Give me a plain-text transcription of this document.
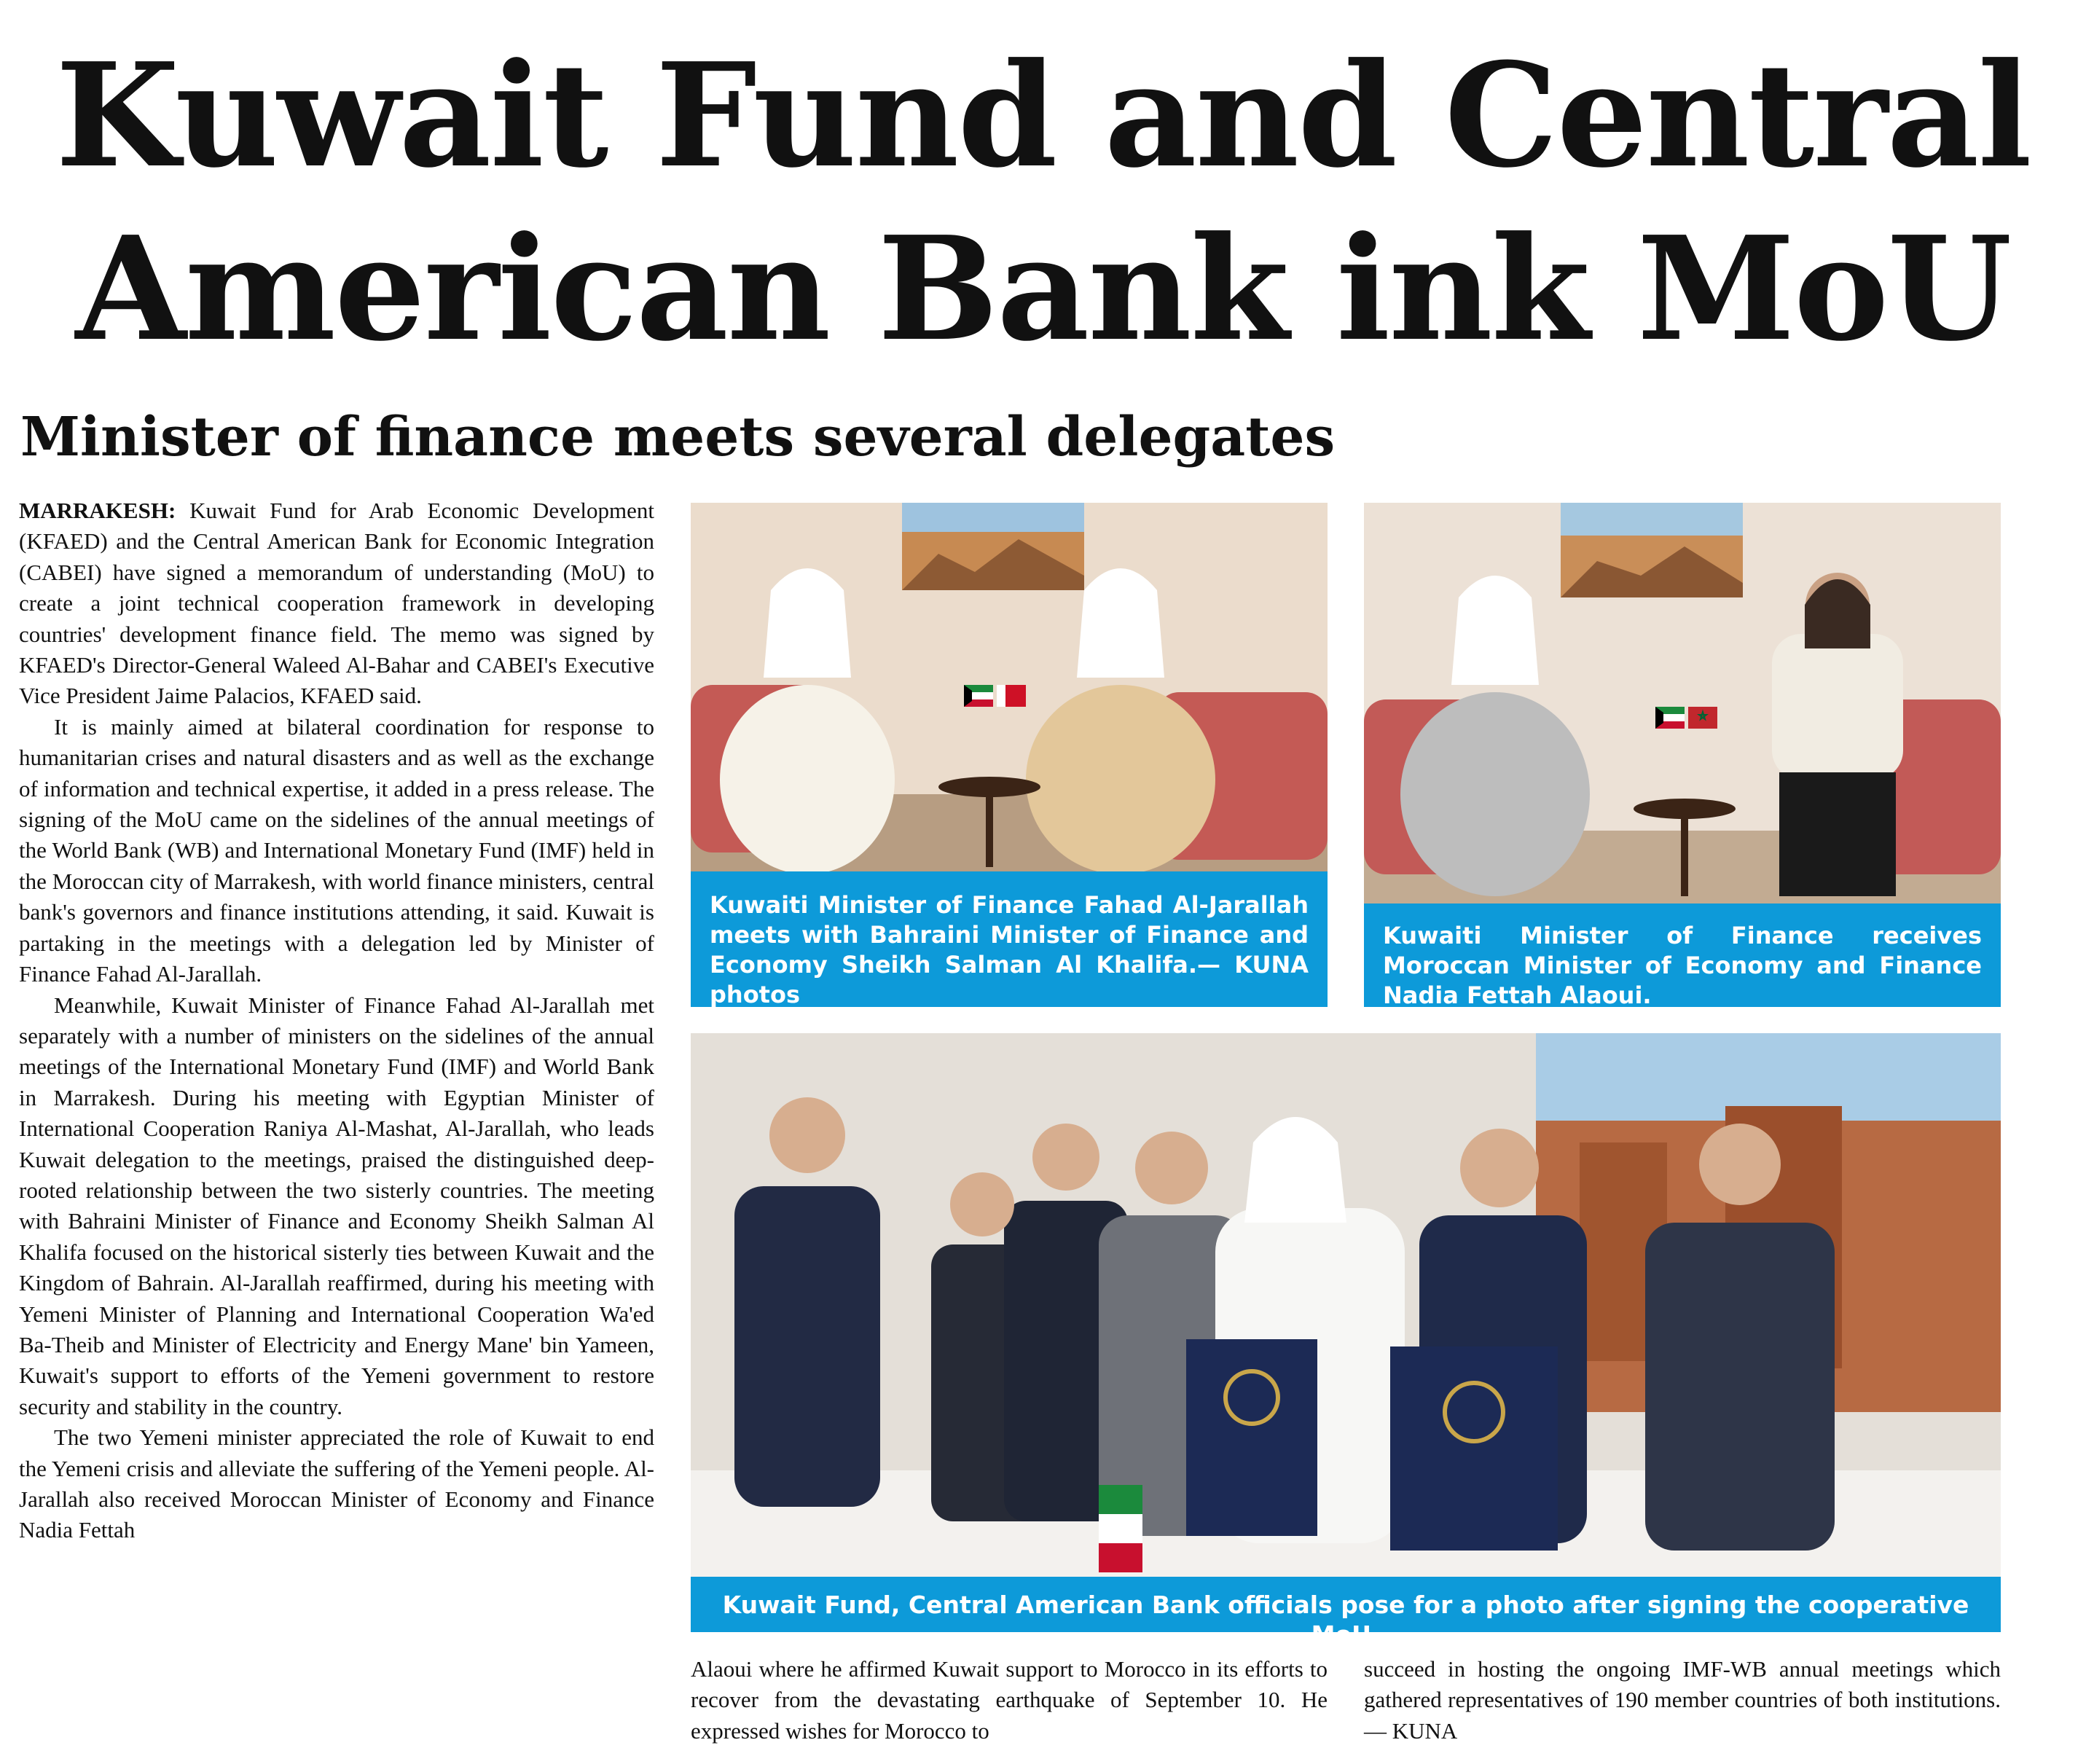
Kuwait Fund and Central
American Bank ink MoU
Minister of finance meets several delegates

MARRAKESH: Kuwait Fund for Arab Economic Development (KFAED) and the Central American Bank for Economic Integration (CABEI) have signed a memorandum of understanding (MoU) to create a joint technical cooperation framework in developing countries' development finance field. The memo was signed by KFAED's Director-General Waleed Al-Bahar and CABEI's Executive Vice President Jaime Palacios, KFAED said.

It is mainly aimed at bilateral coordination for response to humanitarian crises and natural disasters and as well as the exchange of information and technical expertise, it added in a press release. The signing of the MoU came on the sidelines of the annual meetings of the World Bank (WB) and International Monetary Fund (IMF) held in the Moroccan city of Marrakesh, with world finance ministers, central bank's governors and finance institutions attending, it said. Kuwait is partaking in the meetings with a delegation led by Minister of Finance Fahad Al-Jarallah.

Meanwhile, Kuwait Minister of Finance Fahad Al-Jarallah met separately with a number of ministers on the sidelines of the annual meetings of the International Monetary Fund (IMF) and World Bank in Marrakesh. During his meeting with Egyptian Minister of International Cooperation Raniya Al-Mashat, Al-Jarallah, who leads Kuwait delegation to the meetings, praised the distinguished deep-rooted relationship between the two sisterly countries. The meeting with Bahraini Minister of Finance and Economy Sheikh Salman Al Khalifa focused on the historical sisterly ties between Kuwait and the Kingdom of Bahrain. Al-Jarallah reaffirmed, during his meeting with Yemeni Minister of Planning and International Cooperation Wa'ed Ba-Theib and Minister of Electricity and Energy Mane' bin Yameen, Kuwait's support to efforts of the Yemeni government to restore security and stability in the country.

The two Yemeni minister appreciated the role of Kuwait to end the Yemeni crisis and alleviate the suffering of the Yemeni people. Al-Jarallah also received Moroccan Minister of Economy and Finance Nadia Fettah

Kuwaiti Minister of Finance Fahad Al-Jarallah meets with Bahraini Minister of Finance and Economy Sheikh Salman Al Khalifa.— KUNA photos
Kuwaiti Minister of Finance receives Moroccan Minister of Economy and Finance Nadia Fettah Alaoui.
Kuwait Fund, Central American Bank officials pose for a photo after signing the cooperative MoU.

Alaoui where he affirmed Kuwait support to Morocco in its efforts to recover from the devastating earthquake of September 10. He expressed wishes for Morocco to

succeed in hosting the ongoing IMF-WB annual meetings which gathered representatives of 190 member countries of both institutions. — KUNA
